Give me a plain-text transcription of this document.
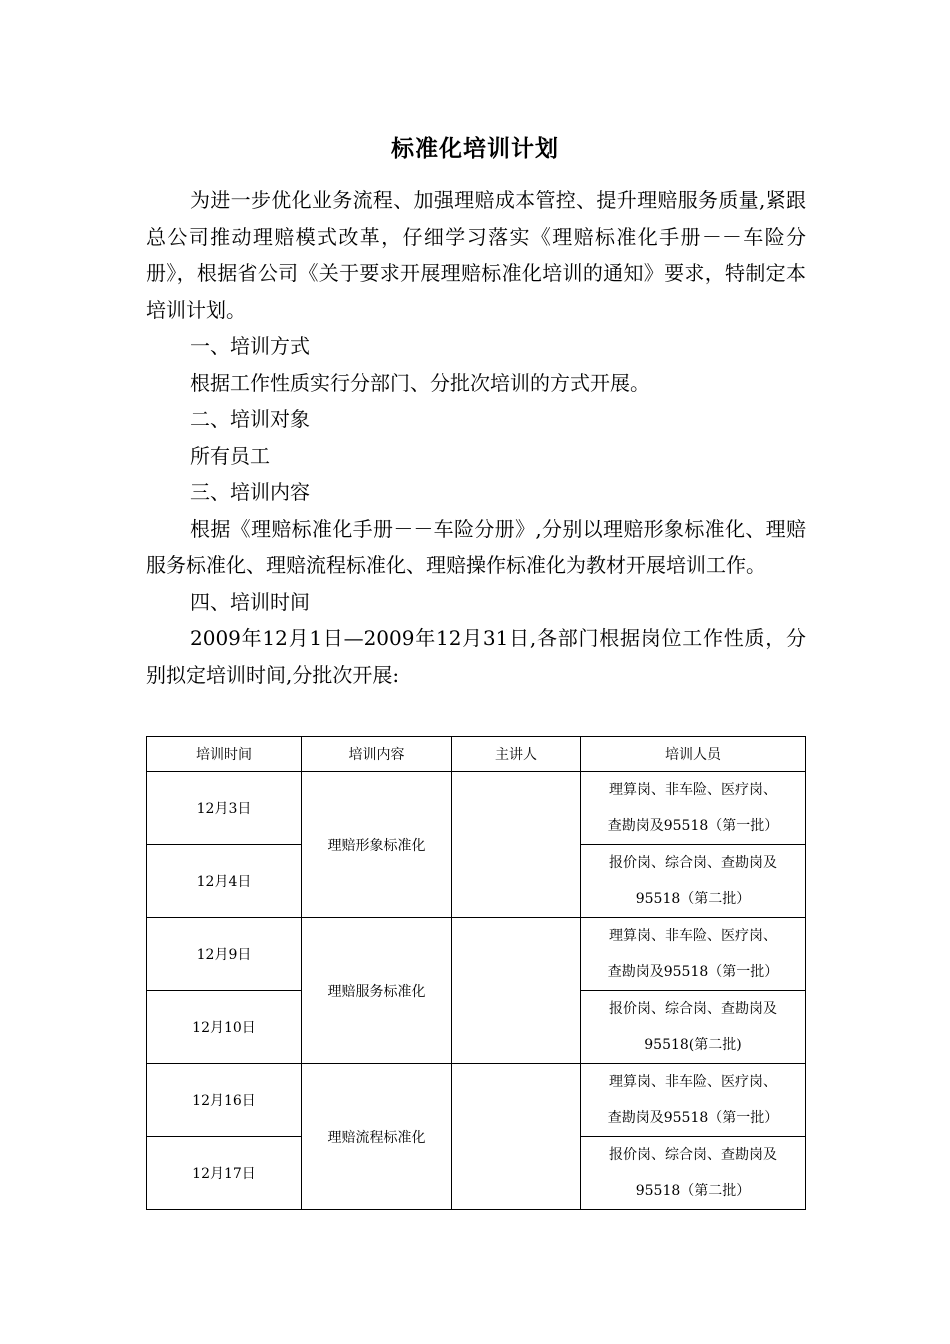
标准化培训计划

为进一步优化业务流程、加强理赔成本管控、提升理赔服务质量,紧跟总公司推动理赔模式改革，仔细学习落实《理赔标准化手册－－车险分册》，根据省公司《关于要求开展理赔标准化培训的通知》要求，特制定本培训计划。

一、培训方式

根据工作性质实行分部门、分批次培训的方式开展。

二、培训对象

所有员工

三、培训内容

根据《理赔标准化手册－－车险分册》,分别以理赔形象标准化、理赔服务标准化、理赔流程标准化、理赔操作标准化为教材开展培训工作。

四、培训时间

2009年12月1日—2009年12月31日,各部门根据岗位工作性质，分别拟定培训时间,分批次开展:

培训时间	培训内容	主讲人	培训人员
12月3日	理赔形象标准化		理算岗、非车险、医疗岗、
查勘岗及95518（第一批）

12月4日			报价岗、综合岗、查勘岗及
95518（第二批）

12月9日	理赔服务标准化		理算岗、非车险、医疗岗、
查勘岗及95518（第一批）

12月10日			报价岗、综合岗、查勘岗及
95518(第二批)

12月16日	理赔流程标准化		理算岗、非车险、医疗岗、
查勘岗及95518（第一批）

12月17日			报价岗、综合岗、查勘岗及
95518（第二批）
